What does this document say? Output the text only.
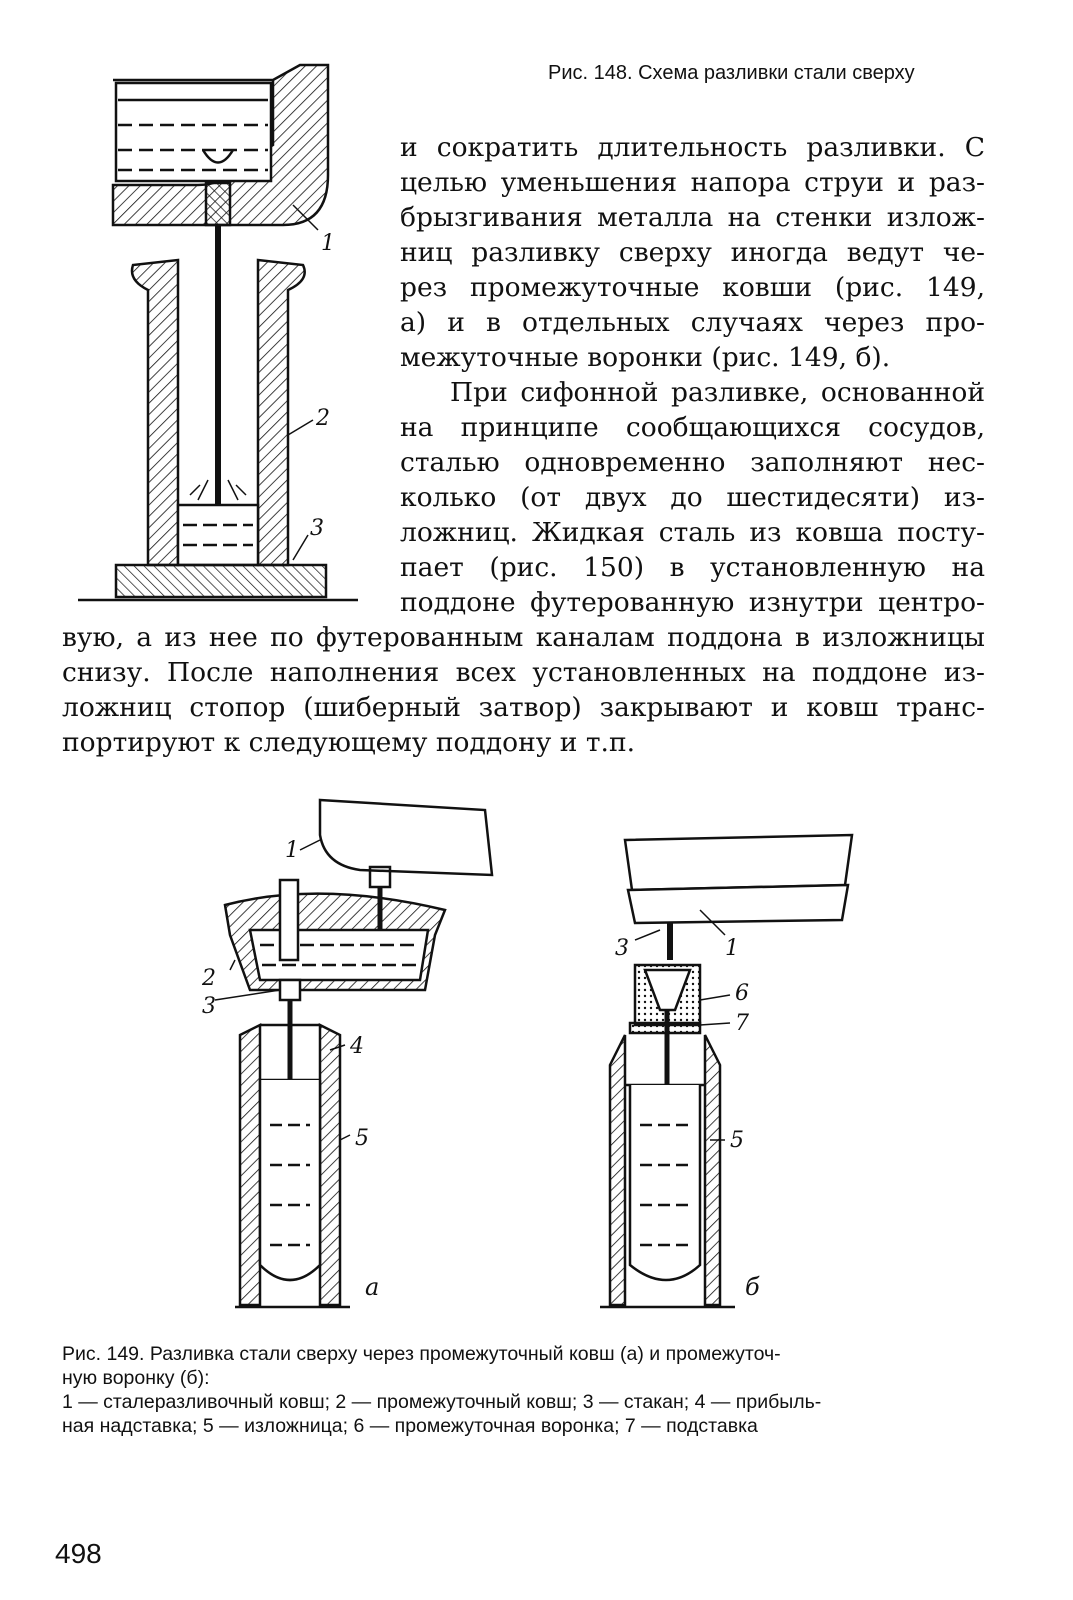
1
2
3
Рис. 148. Схема разливки стали сверху
и сократить длительность разливки. С
целью уменьшения напора струи и раз-
брызгивания металла на стенки излож-
ниц разливку сверху иногда ведут че-
рез промежуточные ковши (рис. 149,
а) и в отдельных случаях через про-
межуточные воронки (рис. 149, б).
При сифонной разливке, основанной
на принципе сообщающихся сосудов,
сталью одновременно заполняют нес-
колько (от двух до шестидесяти) из-
ложниц. Жидкая сталь из ковша посту-
пает (рис. 150) в установленную на
поддоне футерованную изнутри центро-
вую, а из нее по футерованным каналам поддона в изложницы
снизу. После наполнения всех установленных на поддоне из-
ложниц стопор (шиберный затвор) закрывают и ковш транс-
портируют к следующему поддону и т.п.
1
2
3
4
5
а
3	1
6
7
5
б
Рис. 149. Разливка стали сверху через промежуточный ковш (а) и промежуточ-
ную воронку (б):
1 — сталеразливочный ковш; 2 — промежуточный ковш; 3 — стакан; 4 — прибыль-
ная надставка; 5 — изложница; 6 — промежуточная воронка; 7 — подставка
498
